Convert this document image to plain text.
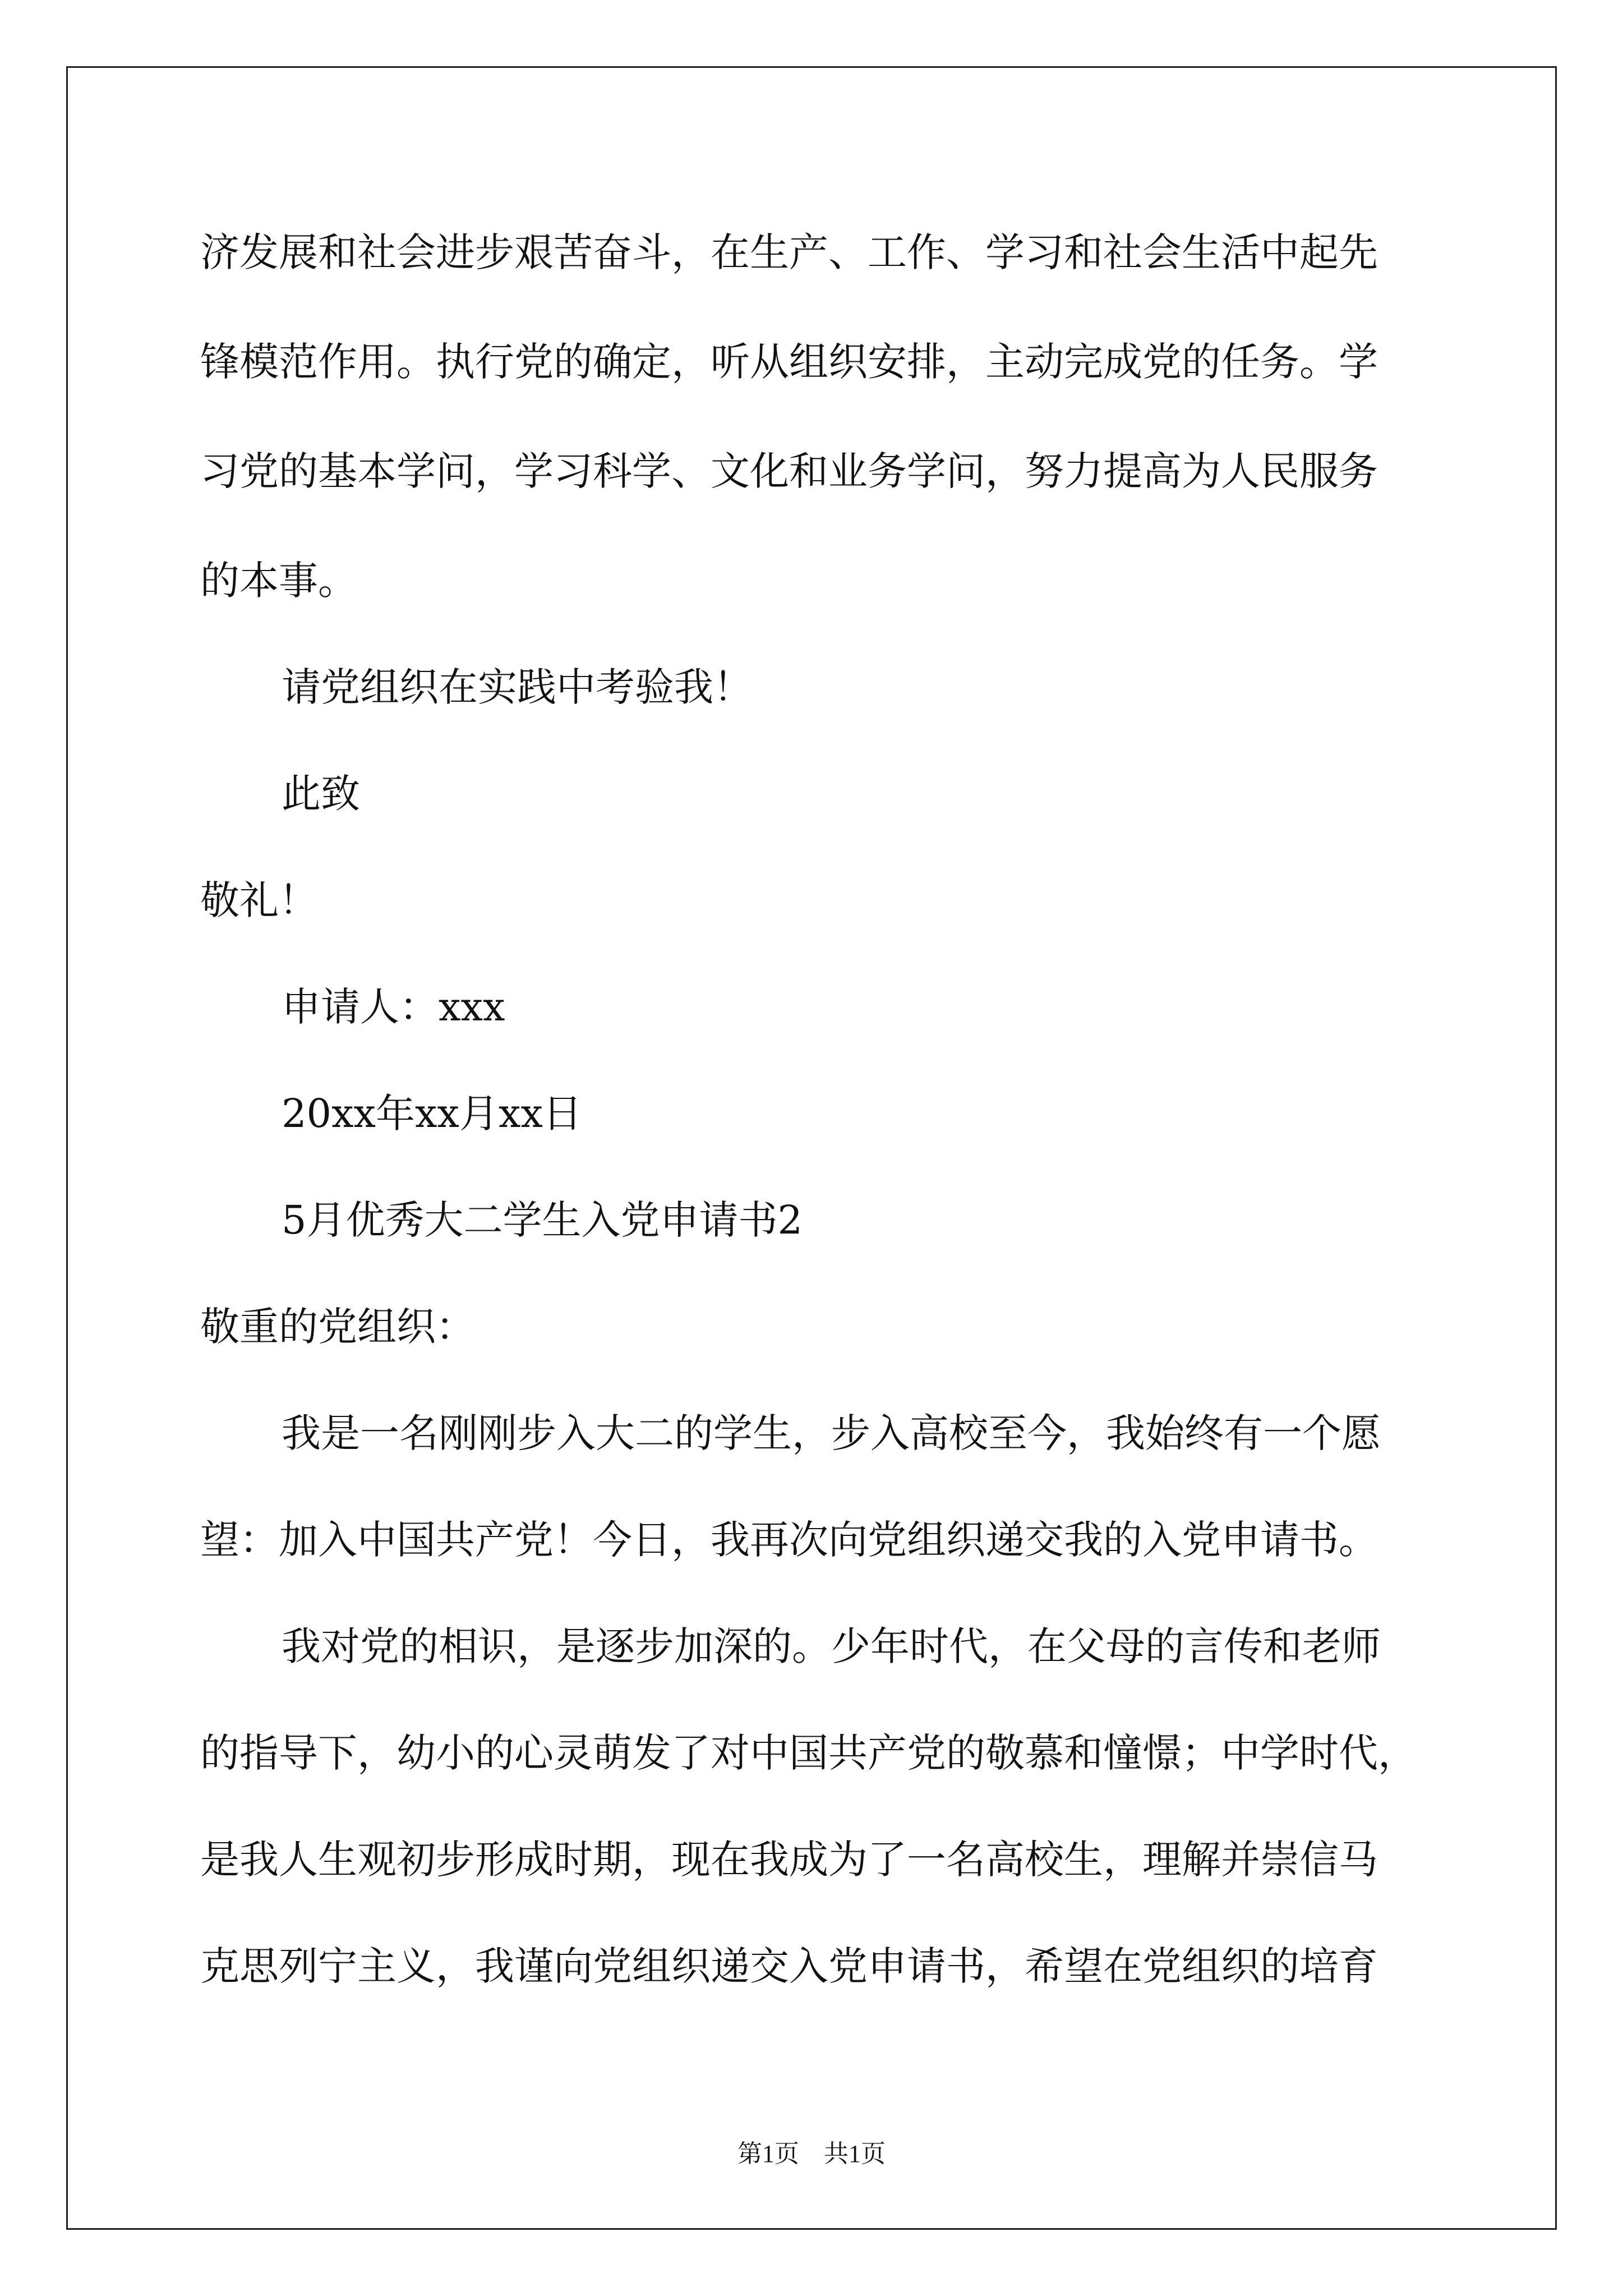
济发展和社会进步艰苦奋斗，在生产、工作、学习和社会生活中起先
锋模范作用。执行党的确定，听从组织安排，主动完成党的任务。学
习党的基本学问，学习科学、文化和业务学问，努力提高为人民服务
的本事。
请党组织在实践中考验我！
此致
敬礼！
申请人：xxx
20xx年xx月xx日
5月优秀大二学生入党申请书2
敬重的党组织：
我是一名刚刚步入大二的学生，步入高校至今，我始终有一个愿
望：加入中国共产党！今日，我再次向党组织递交我的入党申请书。
我对党的相识，是逐步加深的。少年时代，在父母的言传和老师
的指导下，幼小的心灵萌发了对中国共产党的敬慕和憧憬；中学时代，
是我人生观初步形成时期，现在我成为了一名高校生，理解并崇信马
克思列宁主义，我谨向党组织递交入党申请书，希望在党组织的培育
第1页　共1页
